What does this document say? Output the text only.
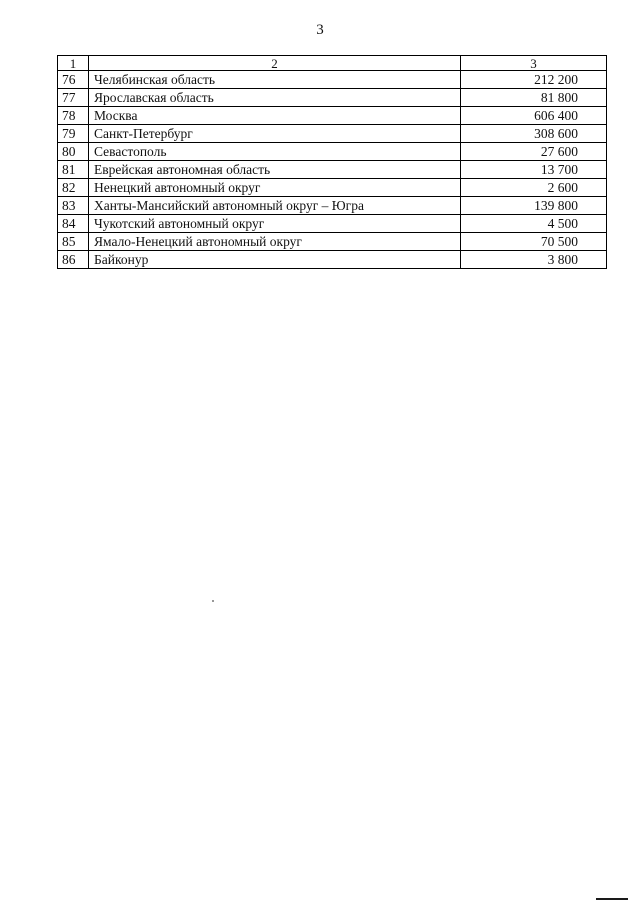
3
1	2	3
76	Челябинская область	212 200
77	Ярославская область	81 800
78	Москва	606 400
79	Санкт-Петербург	308 600
80	Севастополь	27 600
81	Еврейская автономная область	13 700
82	Ненецкий автономный округ	2 600
83	Ханты-Мансийский автономный округ – Югра	139 800
84	Чукотский автономный округ	4 500
85	Ямало-Ненецкий автономный округ	70 500
86	Байконур	3 800
